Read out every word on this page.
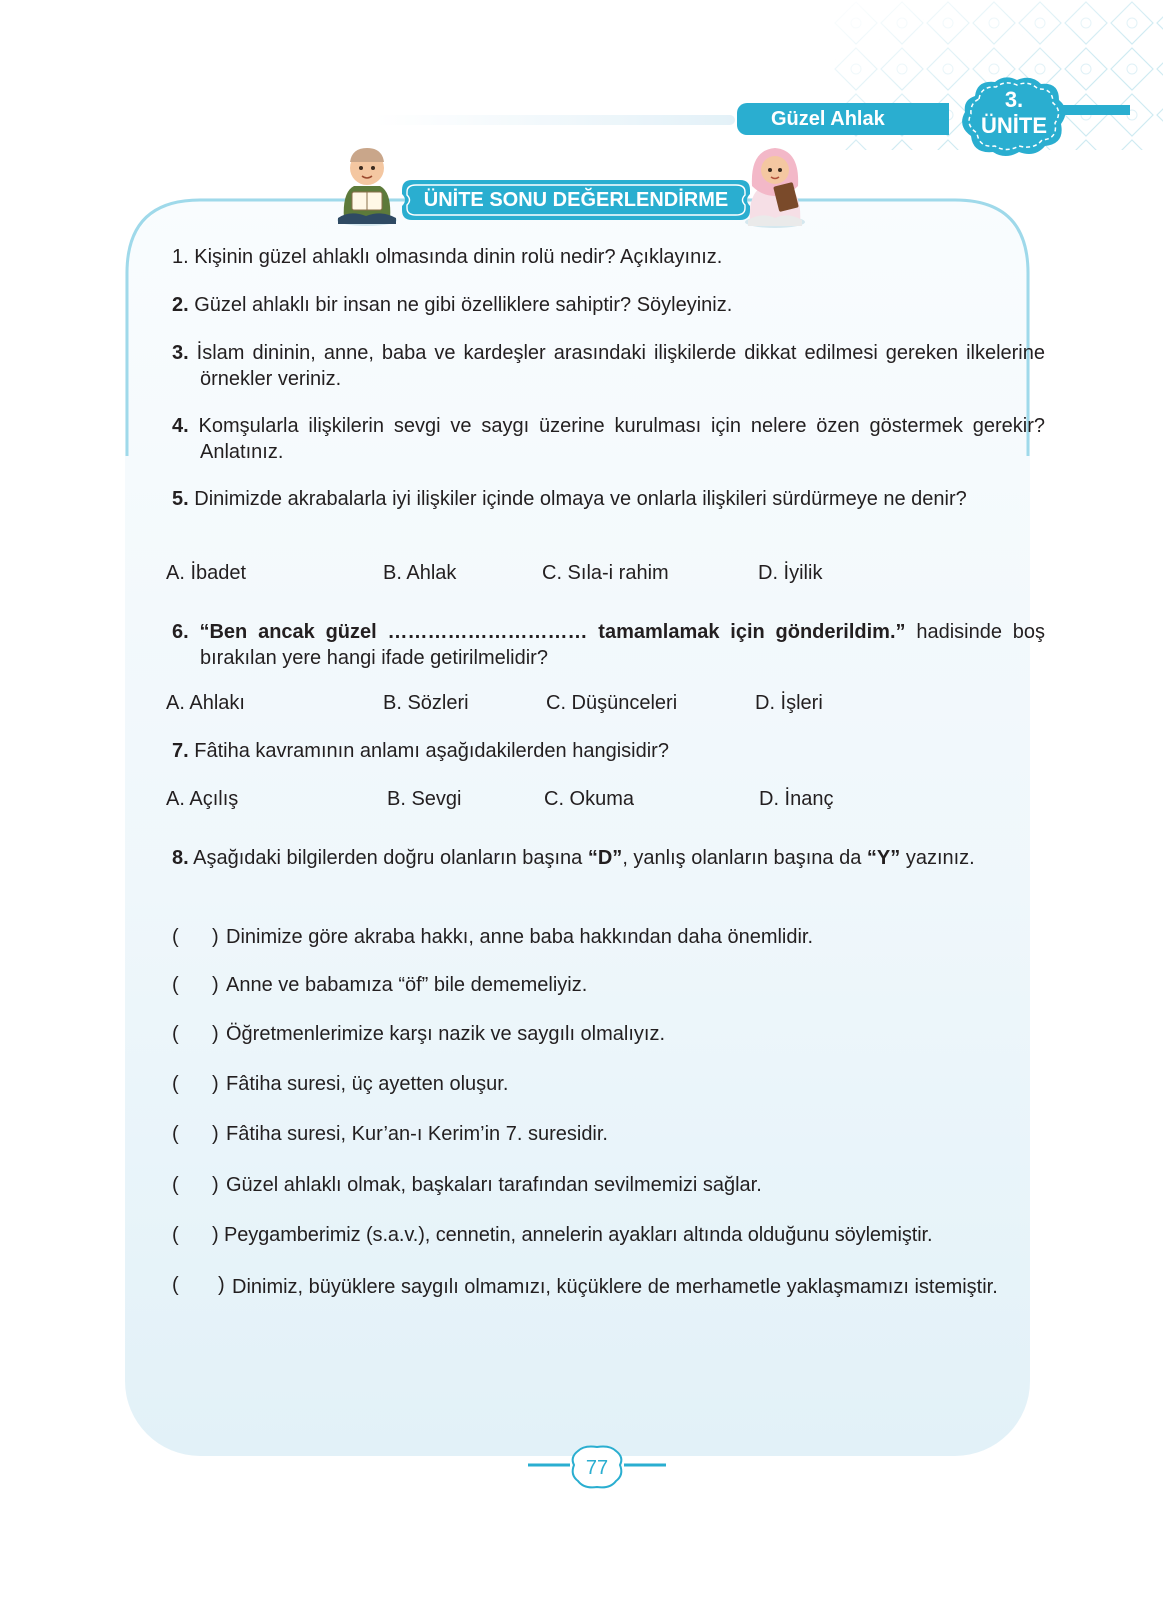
Güzel Ahlak
3.
ÜNİTE
ÜNİTE SONU DEĞERLENDİRME
1. Kişinin güzel ahlaklı olmasında dinin rolü nedir? Açıklayınız.
2. Güzel ahlaklı bir insan ne gibi özelliklere sahiptir? Söyleyiniz.
3. İslam dininin, anne, baba ve kardeşler arasındaki ilişkilerde dikkat edilmesi gereken ilkelerine örnekler veriniz.
4. Komşularla ilişkilerin sevgi ve saygı üzerine kurulması için nelere özen göstermek gerekir? Anlatınız.
5. Dinimizde akrabalarla iyi ilişkiler içinde olmaya ve onlarla ilişkileri sürdürmeye ne denir?
A. İbadet	B. Ahlak	C. Sıla-i rahim	D. İyilik
6. “Ben ancak güzel ………………………… tamamlamak için gönderildim.” hadisinde boş bırakılan yere hangi ifade getirilmelidir?
A. Ahlakı	B. Sözleri	C. Düşünceleri	D. İşleri
7. Fâtiha kavramının anlamı aşağıdakilerden hangisidir?
A. Açılış	B. Sevgi	C. Okuma	D. İnanç
8. Aşağıdaki bilgilerden doğru olanların başına “D”, yanlış olanların başına da “Y” yazınız.
( ) Dinimize göre akraba hakkı, anne baba hakkından daha önemlidir.
( ) Anne ve babamıza “öf” bile dememeliyiz.
( ) Öğretmenlerimize karşı nazik ve saygılı olmalıyız.
( ) Fâtiha suresi, üç ayetten oluşur.
( ) Fâtiha suresi, Kur’an-ı Kerim’in 7. suresidir.
( ) Güzel ahlaklı olmak, başkaları tarafından sevilmemizi sağlar.
( ) Peygamberimiz (s.a.v.), cennetin, annelerin ayakları altında olduğunu söylemiştir.
( ) Dinimiz, büyüklere saygılı olmamızı, küçüklere de merhametle yaklaşmamızı istemiştir.
77
